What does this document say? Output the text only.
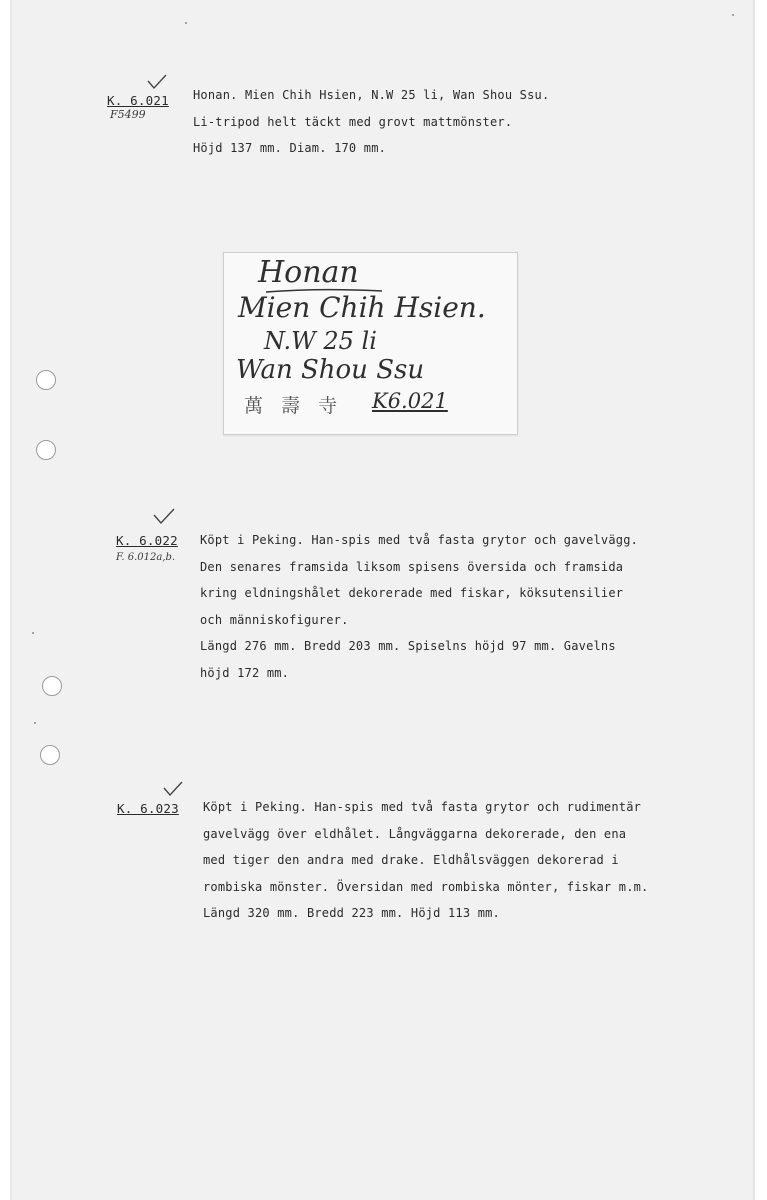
K. 6.021
F5499
Honan. Mien Chih Hsien, N.W 25 li, Wan Shou Ssu.
Li-tripod helt täckt med grovt mattmönster.
Höjd 137 mm. Diam. 170 mm.
Honan
Mien Chih Hsien.
N.W 25 li
Wan Shou Ssu
萬 壽 寺 K6.021
K. 6.022
F. 6.012a,b.
Köpt i Peking. Han-spis med två fasta grytor och gavelvägg.
Den senares framsida liksom spisens översida och framsida
kring eldningshålet dekorerade med fiskar, köksutensilier
och människofigurer.
Längd 276 mm. Bredd 203 mm. Spiselns höjd 97 mm. Gavelns
höjd 172 mm.
K. 6.023 Köpt i Peking. Han-spis med två fasta grytor och rudimentär
gavelvägg över eldhålet. Långväggarna dekorerade, den ena
med tiger den andra med drake. Eldhålsväggen dekorerad i
rombiska mönster. Översidan med rombiska mönter, fiskar m.m.
Längd 320 mm. Bredd 223 mm. Höjd 113 mm.
